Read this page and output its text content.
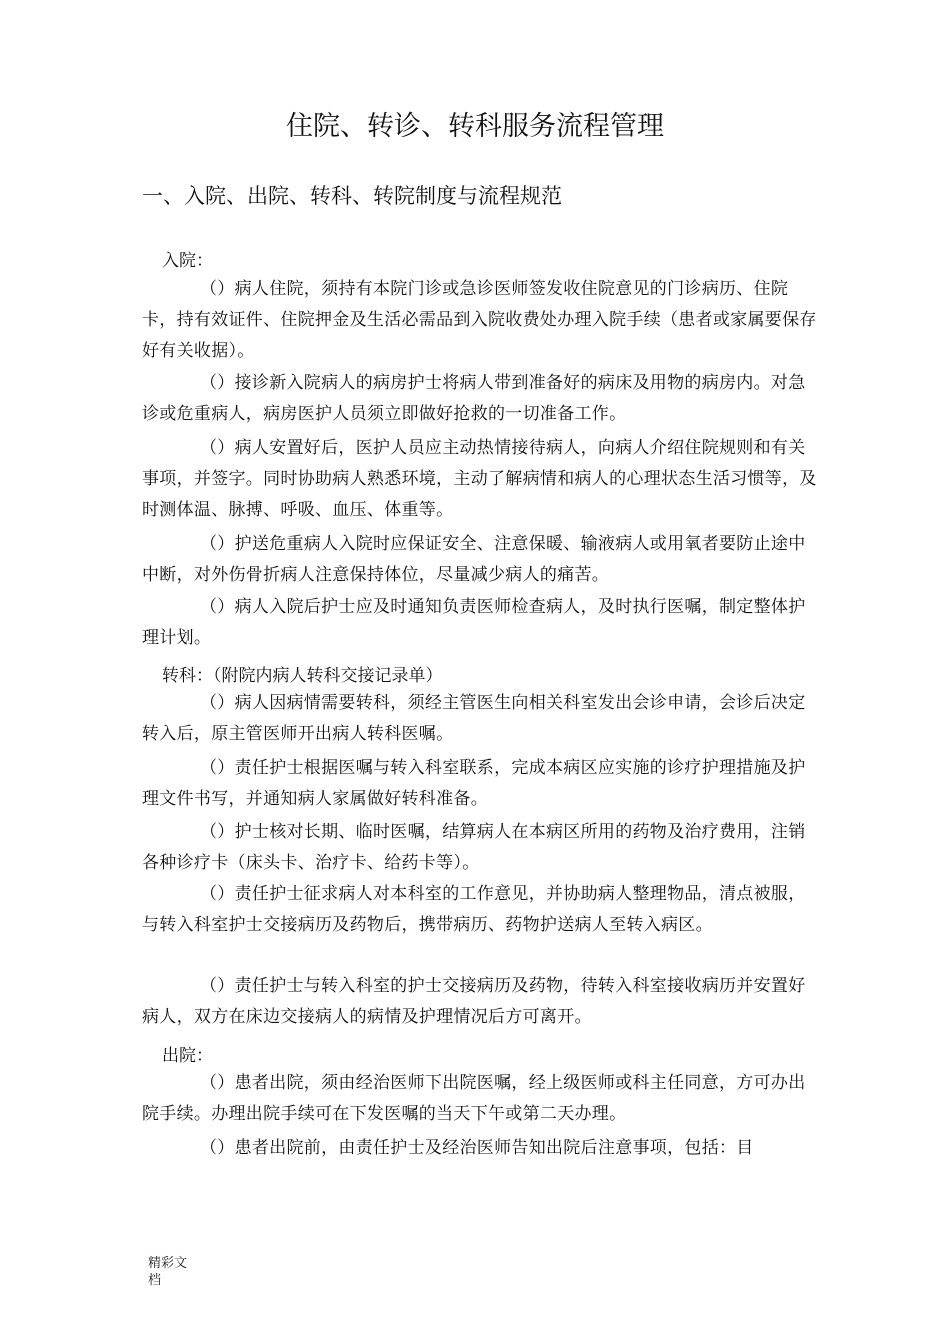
住院、转诊、转科服务流程管理
一、入院、出院、转科、转院制度与流程规范
入院：
（）病人住院，须持有本院门诊或急诊医师签发收住院意见的门诊病历、住院卡，持有效证件、住院押金及生活必需品到入院收费处办理入院手续（患者或家属要保存好有关收据）。
（）接诊新入院病人的病房护士将病人带到准备好的病床及用物的病房内。对急诊或危重病人，病房医护人员须立即做好抢救的一切准备工作。
（）病人安置好后，医护人员应主动热情接待病人，向病人介绍住院规则和有关事项，并签字。同时协助病人熟悉环境，主动了解病情和病人的心理状态生活习惯等，及时测体温、脉搏、呼吸、血压、体重等。
（）护送危重病人入院时应保证安全、注意保暖、输液病人或用氧者要防止途中中断，对外伤骨折病人注意保持体位，尽量减少病人的痛苦。
（）病人入院后护士应及时通知负责医师检查病人，及时执行医嘱，制定整体护理计划。
转科：（附院内病人转科交接记录单）
（）病人因病情需要转科，须经主管医生向相关科室发出会诊申请，会诊后决定转入后，原主管医师开出病人转科医嘱。
（）责任护士根据医嘱与转入科室联系，完成本病区应实施的诊疗护理措施及护理文件书写，并通知病人家属做好转科准备。
（）护士核对长期、临时医嘱，结算病人在本病区所用的药物及治疗费用，注销各种诊疗卡（床头卡、治疗卡、给药卡等）。
（）责任护士征求病人对本科室的工作意见，并协助病人整理物品，清点被服，与转入科室护士交接病历及药物后，携带病历、药物护送病人至转入病区。
（）责任护士与转入科室的护士交接病历及药物，待转入科室接收病历并安置好病人，双方在床边交接病人的病情及护理情况后方可离开。
出院：
（）患者出院，须由经治医师下出院医嘱，经上级医师或科主任同意，方可办出院手续。办理出院手续可在下发医嘱的当天下午或第二天办理。
（）患者出院前，由责任护士及经治医师告知出院后注意事项，包括：目
精彩文档
